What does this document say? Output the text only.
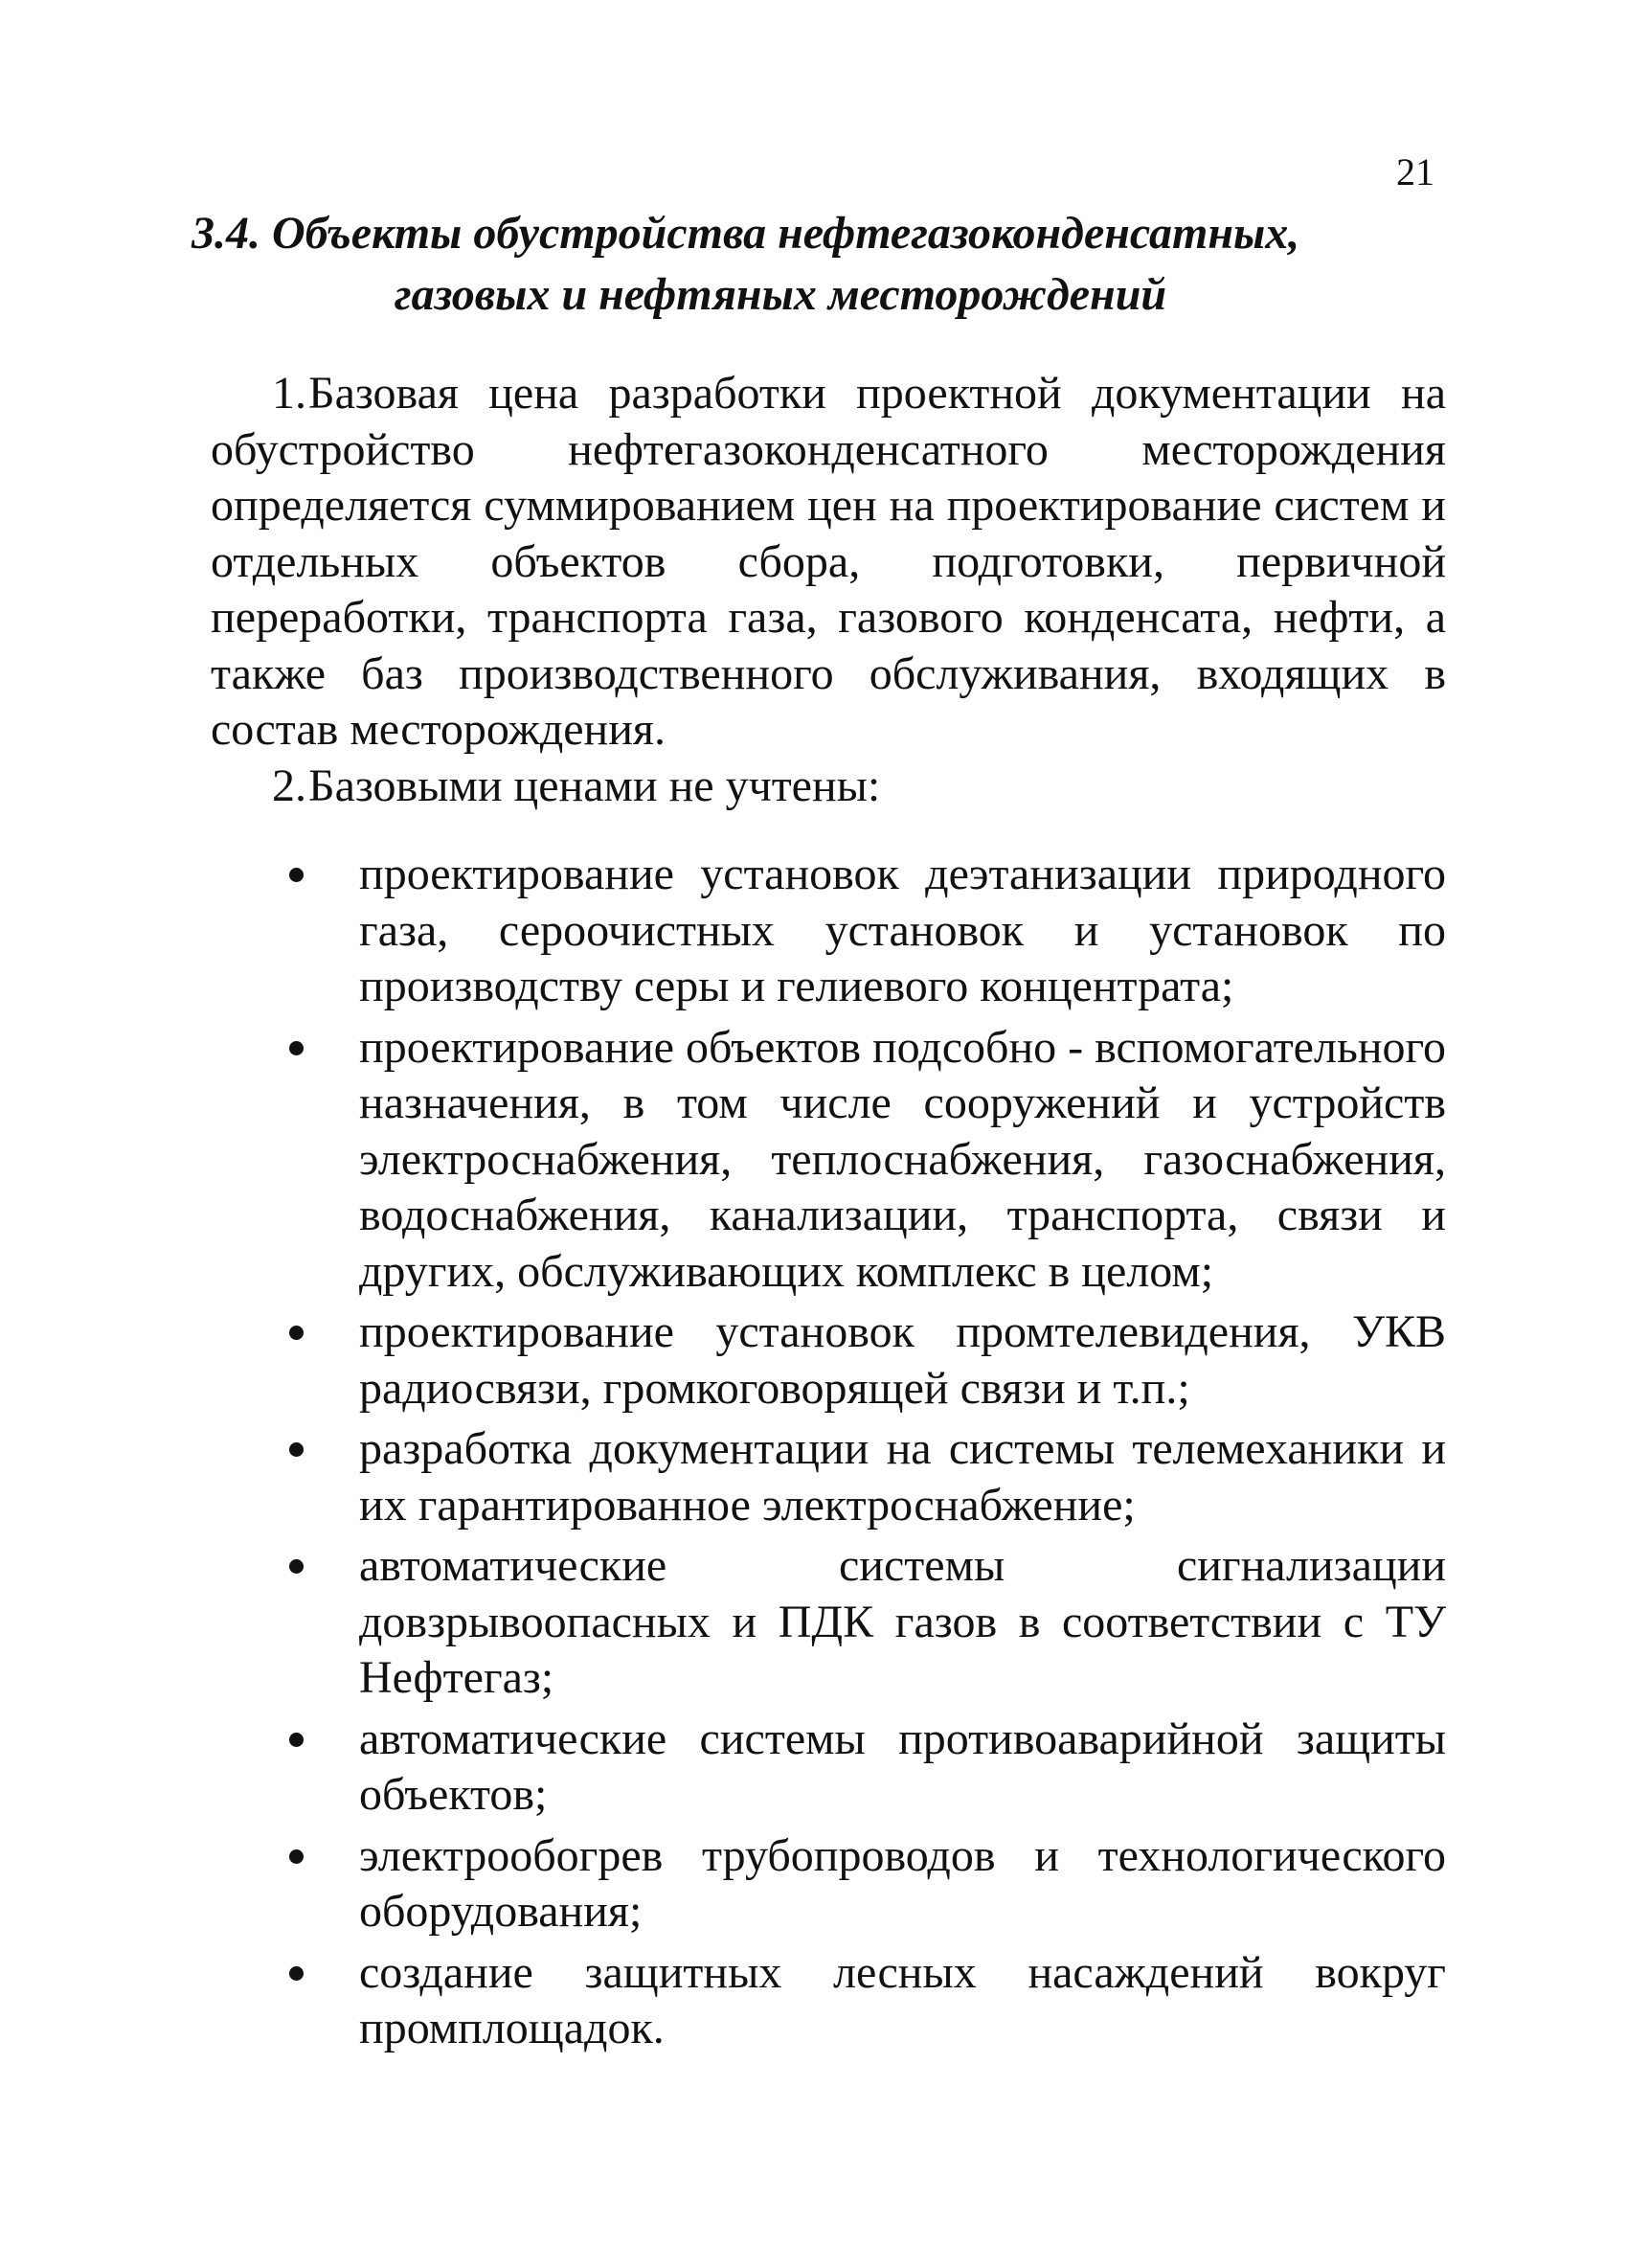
21
3.4. Объекты обустройства нефтегазоконденсатных,
газовых и нефтяных месторождений

1.Базовая цена разработки проектной документации на обустройство нефтегазоконденсатного месторождения определяется суммированием цен на проектирование систем и отдельных объектов сбора, подготовки, первичной переработки, транспорта газа, газового конденсата, нефти, а также баз производственного обслуживания, входящих в состав месторождения.

2.Базовыми ценами не учтены:

проектирование установок деэтанизации природного газа, сероочистных установок и установок по производству серы и гелиевого концентрата;
проектирование объектов подсобно - вспомогательного назначения, в том числе сооружений и устройств электроснабжения, теплоснабжения, газоснабжения, водоснабжения, канализации, транспорта, связи и других, обслуживающих комплекс в целом;
проектирование установок промтелевидения, УКВ радиосвязи, громкоговорящей связи и т.п.;
разработка документации на системы телемеханики и их гарантированное электроснабжение;
автоматические системы сигнализации довзрывоопасных и ПДК газов в соответствии с ТУ Нефтегаз;
автоматические системы противоаварийной защиты объектов;
электрообогрев трубопроводов и технологического оборудования;
создание защитных лесных насаждений вокруг промплощадок.
